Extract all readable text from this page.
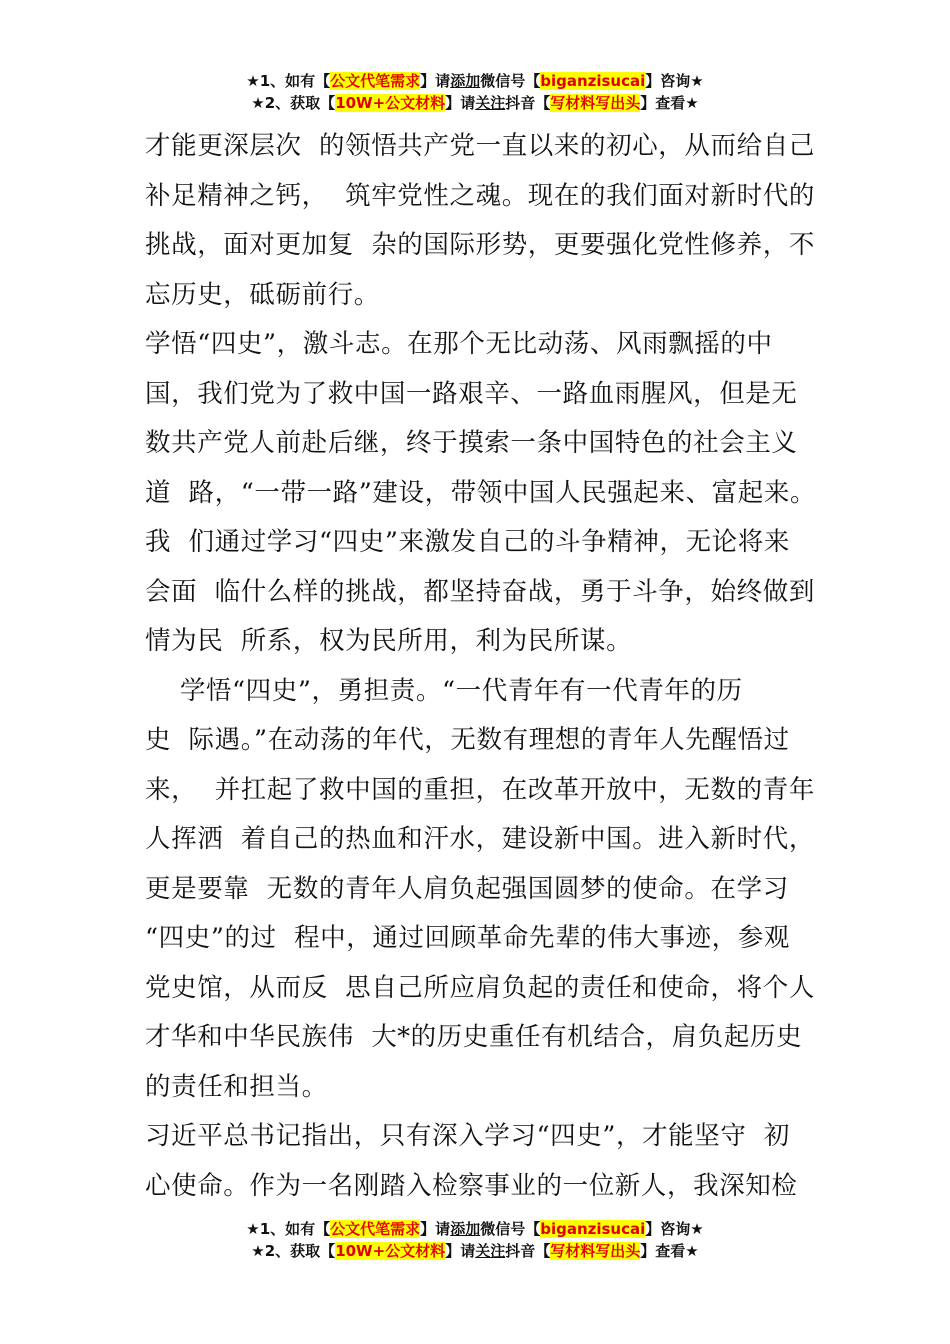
★1、如有【公文代笔需求】请添加微信号【biganzisucai】咨询★
★2、获取【10W+公文材料】请关注抖音【写材料写出头】查看★
才能更深层次  的领悟共产党一直以来的初心，从而给自己
补足精神之钙，  筑牢党性之魂。现在的我们面对新时代的
挑战，面对更加复  杂的国际形势，更要强化党性修养，不
忘历史，砥砺前行。
学悟“四史”，激斗志。在那个无比动荡、风雨飘摇的中
国，我们党为了救中国一路艰辛、一路血雨腥风，但是无
数共产党人前赴后继，终于摸索一条中国特色的社会主义
道  路，“一带一路”建设，带领中国人民强起来、富起来。
我  们通过学习“四史”来激发自己的斗争精神，无论将来
会面  临什么样的挑战，都坚持奋战，勇于斗争，始终做到
情为民  所系，权为民所用，利为民所谋。
学悟“四史”，勇担责。“一代青年有一代青年的历
史  际遇。”在动荡的年代，无数有理想的青年人先醒悟过
来，  并扛起了救中国的重担，在改革开放中，无数的青年
人挥洒  着自己的热血和汗水，建设新中国。进入新时代，
更是要靠  无数的青年人肩负起强国圆梦的使命。在学习
“四史”的过  程中，通过回顾革命先辈的伟大事迹，参观
党史馆，从而反  思自己所应肩负起的责任和使命，将个人
才华和中华民族伟  大*的历史重任有机结合，肩负起历史
的责任和担当。
习近平总书记指出，只有深入学习“四史”，才能坚守  初
心使命。作为一名刚踏入检察事业的一位新人，我深知检
★1、如有【公文代笔需求】请添加微信号【biganzisucai】咨询★
★2、获取【10W+公文材料】请关注抖音【写材料写出头】查看★
